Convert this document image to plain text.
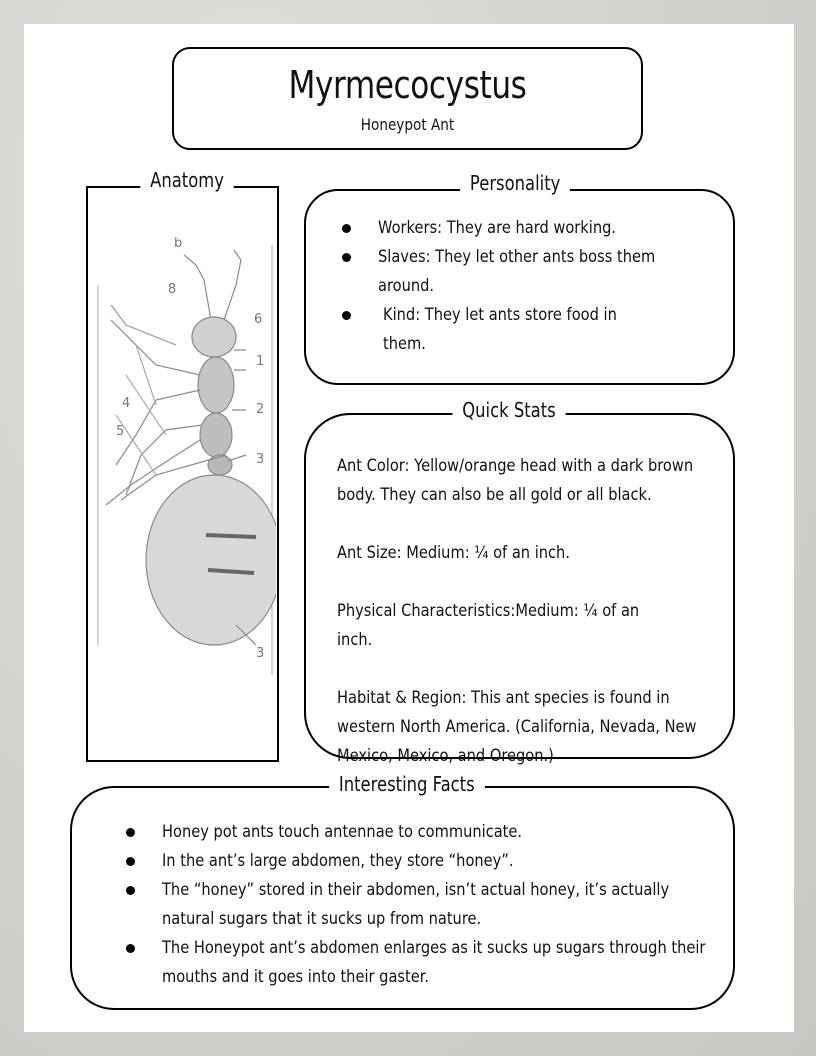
Myrmecocystus
Honeypot Ant
Anatomy
b
8
6
1
2
3
4
5
3
Personality
Workers: They are hard working.
Slaves: They let other ants boss them around.
Kind: They let ants store food in them.
Quick Stats

Ant Color: Yellow/orange head with a dark brown body. They can also be all gold or all black.

Ant Size: Medium: ¼ of an inch.

Physical Characteristics:Medium: ¼ of an inch.

Habitat & Region: This ant species is found in western North America. (California, Nevada, New Mexico, Mexico, and Oregon.)

Interesting Facts
Honey pot ants touch antennae to communicate.
In the ant’s large abdomen, they store “honey”.
The “honey” stored in their abdomen, isn’t actual honey, it’s actually natural sugars that it sucks up from nature.
The Honeypot ant’s abdomen enlarges as it sucks up sugars through their mouths and it goes into their gaster.
